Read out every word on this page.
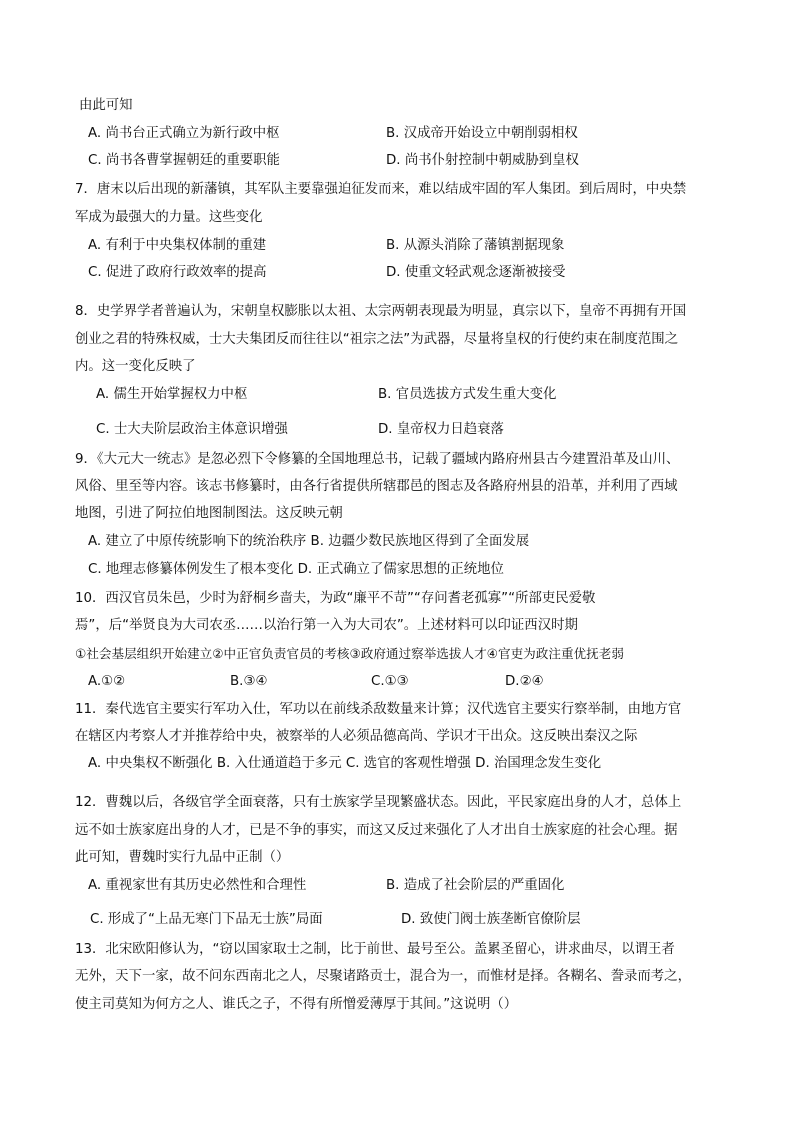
由此可知
A. 尚书台正式确立为新行政中枢	B. 汉成帝开始设立中朝削弱相权
C. 尚书各曹掌握朝廷的重要职能	D. 尚书仆射控制中朝威胁到皇权
7．唐末以后出现的新藩镇，其军队主要靠强迫征发而来，难以结成牢固的军人集团。到后周时，中央禁
军成为最强大的力量。这些变化
A. 有利于中央集权体制的重建	B. 从源头消除了藩镇割据现象
C. 促进了政府行政效率的提高	D. 使重文轻武观念逐渐被接受
8．史学界学者普遍认为，宋朝皇权膨胀以太祖、太宗两朝表现最为明显，真宗以下，皇帝不再拥有开国
创业之君的特殊权威，士大夫集团反而往往以“祖宗之法”为武器，尽量将皇权的行使约束在制度范围之
内。这一变化反映了
A. 儒生开始掌握权力中枢	B. 官员选拔方式发生重大变化
C. 士大夫阶层政治主体意识增强	D. 皇帝权力日趋衰落
9．《大元大一统志》是忽必烈下令修纂的全国地理总书，记载了疆域内路府州县古今建置沿革及山川、
风俗、里至等内容。该志书修纂时，由各行省提供所辖郡邑的图志及各路府州县的沿革，并利用了西域
地图，引进了阿拉伯地图制图法。这反映元朝
A. 建立了中原传统影响下的统治秩序 B. 边疆少数民族地区得到了全面发展
C. 地理志修纂体例发生了根本变化 D. 正式确立了儒家思想的正统地位
10．西汉官员朱邑，少时为舒桐乡啬夫，为政“廉平不苛”“存问耆老孤寡”“所部吏民爱敬
焉”，后“举贤良为大司农丞……以治行第一入为大司农”。上述材料可以印证西汉时期
①社会基层组织开始建立②中正官负责官员的考核③政府通过察举选拔人才④官吏为政注重优抚老弱
A.①②	B.③④	C.①③	D.②④
11．秦代选官主要实行军功入仕，军功以在前线杀敌数量来计算；汉代选官主要实行察举制，由地方官
在辖区内考察人才并推荐给中央，被察举的人必须品德高尚、学识才干出众。这反映出秦汉之际
A. 中央集权不断强化 B. 入仕通道趋于多元 C. 选官的客观性增强 D. 治国理念发生变化
12．曹魏以后，各级官学全面衰落，只有士族家学呈现繁盛状态。因此，平民家庭出身的人才，总体上
远不如士族家庭出身的人才，已是不争的事实，而这又反过来强化了人才出自士族家庭的社会心理。据
此可知，曹魏时实行九品中正制（）
A. 重视家世有其历史必然性和合理性	B. 造成了社会阶层的严重固化
C. 形成了“上品无寒门下品无士族”局面	D. 致使门阀士族垄断官僚阶层
13．北宋欧阳修认为，“窃以国家取士之制，比于前世、最号至公。盖累圣留心，讲求曲尽，以谓王者
无外，天下一家，故不问东西南北之人，尽聚诸路贡士，混合为一，而惟材是择。各糊名、誊录而考之，
使主司莫知为何方之人、谁氏之子，不得有所憎爱薄厚于其间。”这说明（）
